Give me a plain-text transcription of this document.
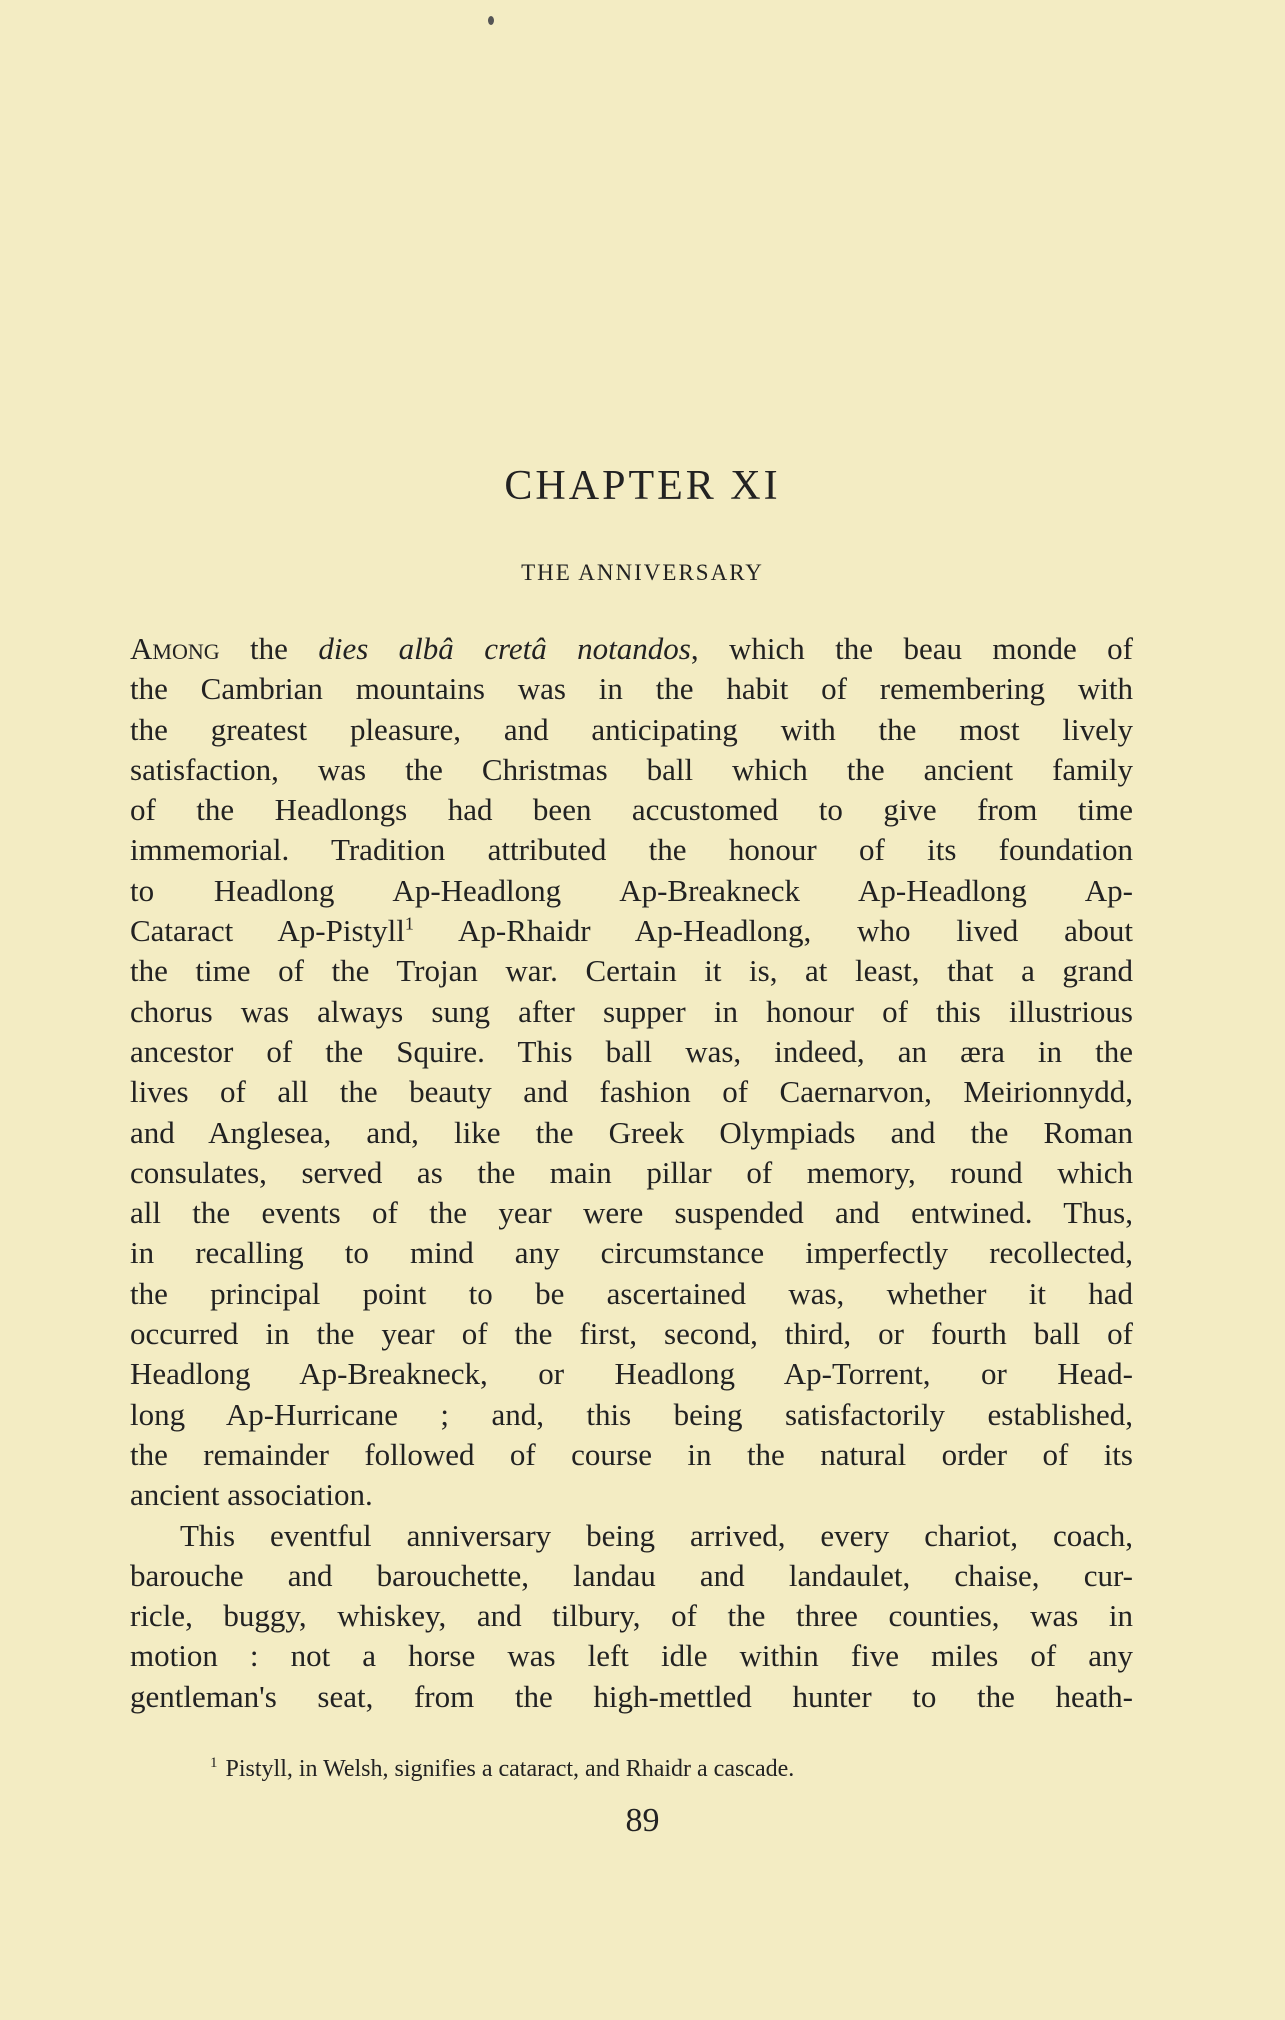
CHAPTER XI
THE ANNIVERSARY
Among the dies albâ cretâ notandos, which the beau monde of
the Cambrian mountains was in the habit of remembering with
the greatest pleasure, and anticipating with the most lively
satisfaction, was the Christmas ball which the ancient family
of the Headlongs had been accustomed to give from time
immemorial. Tradition attributed the honour of its foundation
to Headlong Ap-Headlong Ap-Breakneck Ap-Headlong Ap-
Cataract Ap-Pistyll$^1$ Ap-Rhaidr Ap-Headlong, who lived about
the time of the Trojan war. Certain it is, at least, that a grand
chorus was always sung after supper in honour of this illustrious
ancestor of the Squire. This ball was, indeed, an æra in the
lives of all the beauty and fashion of Caernarvon, Meirionnydd,
and Anglesea, and, like the Greek Olympiads and the Roman
consulates, served as the main pillar of memory, round which
all the events of the year were suspended and entwined. Thus,
in recalling to mind any circumstance imperfectly recollected,
the principal point to be ascertained was, whether it had
occurred in the year of the first, second, third, or fourth ball of
Headlong Ap-Breakneck, or Headlong Ap-Torrent, or Head-
long Ap-Hurricane ; and, this being satisfactorily established,
the remainder followed of course in the natural order of its
ancient association.
This eventful anniversary being arrived, every chariot, coach,
barouche and barouchette, landau and landaulet, chaise, cur-
ricle, buggy, whiskey, and tilbury, of the three counties, was in
motion : not a horse was left idle within five miles of any
gentleman's seat, from the high-mettled hunter to the heath-
$^1$ Pistyll, in Welsh, signifies a cataract, and Rhaidr a cascade.
89
